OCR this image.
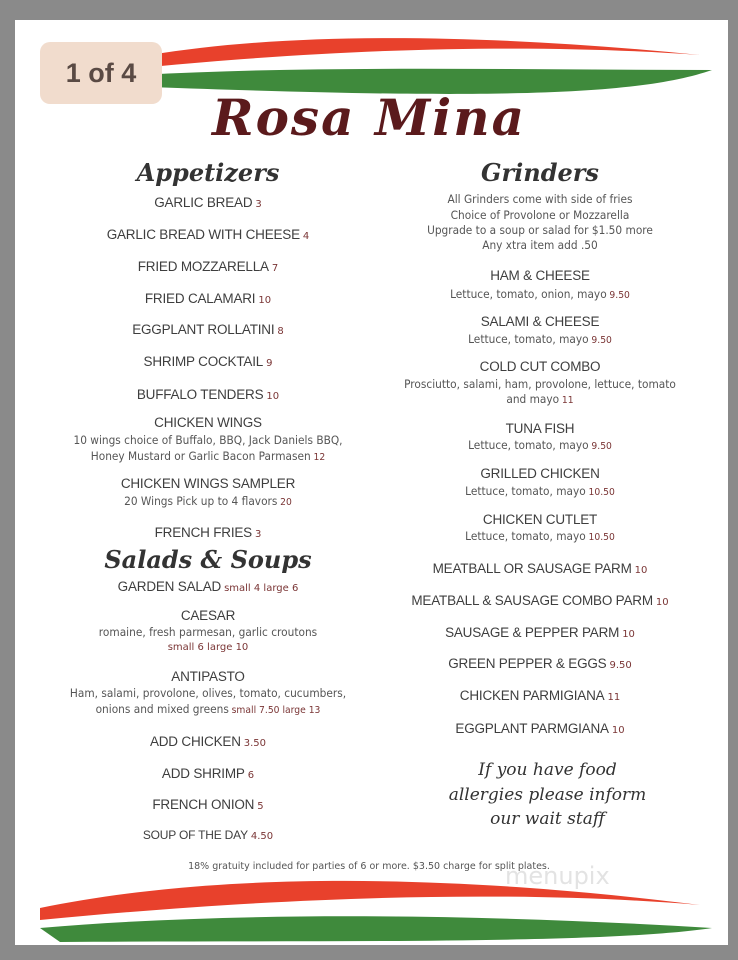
1 of 4
Rosa Mina
Appetizers
GARLIC BREAD 3
GARLIC BREAD WITH CHEESE 4
FRIED MOZZARELLA 7
FRIED CALAMARI 10
EGGPLANT ROLLATINI 8
SHRIMP COCKTAIL 9
BUFFALO TENDERS 10
CHICKEN WINGS
10 wings choice of Buffalo, BBQ, Jack Daniels BBQ,
Honey Mustard or Garlic Bacon Parmasen 12
CHICKEN WINGS SAMPLER
20 Wings Pick up to 4 flavors 20
FRENCH FRIES 3
Salads & Soups
GARDEN SALAD small 4 large 6
CAESAR
romaine, fresh parmesan, garlic croutons
small 6 large 10
ANTIPASTO
Ham, salami, provolone, olives, tomato, cucumbers,
onions and mixed greens small 7.50 large 13
ADD CHICKEN 3.50
ADD SHRIMP 6
FRENCH ONION 5
SOUP OF THE DAY 4.50
Grinders
All Grinders come with side of fries
Choice of Provolone or Mozzarella
Upgrade to a soup or salad for $1.50 more
Any xtra item add .50
HAM & CHEESE
Lettuce, tomato, onion, mayo 9.50
SALAMI & CHEESE
Lettuce, tomato, mayo 9.50
COLD CUT COMBO
Prosciutto, salami, ham, provolone, lettuce, tomato
and mayo 11
TUNA FISH
Lettuce, tomato, mayo 9.50
GRILLED CHICKEN
Lettuce, tomato, mayo 10.50
CHICKEN CUTLET
Lettuce, tomato, mayo 10.50
MEATBALL OR SAUSAGE PARM 10
MEATBALL & SAUSAGE COMBO PARM 10
SAUSAGE & PEPPER PARM 10
GREEN PEPPER & EGGS 9.50
CHICKEN PARMIGIANA 11
EGGPLANT PARMGIANA 10
If you have food
allergies please inform
our wait staff
menupix
18% gratuity included for parties of 6 or more. $3.50 charge for split plates.
